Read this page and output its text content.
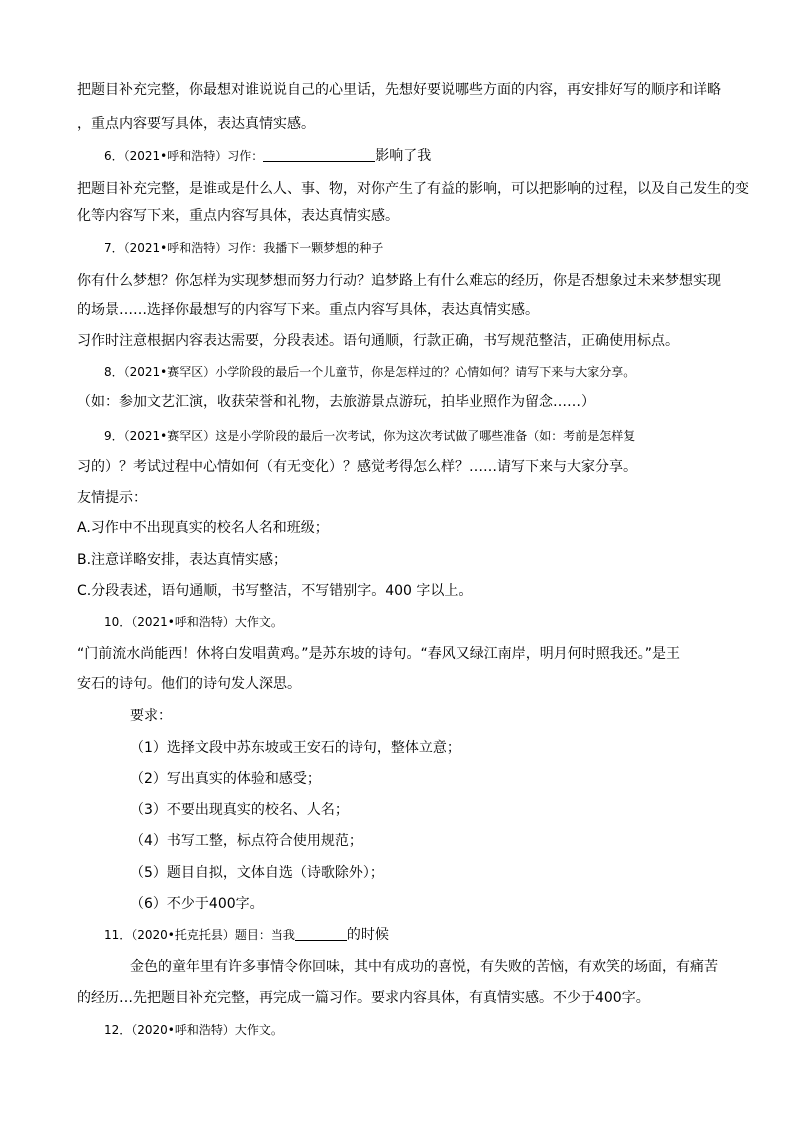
把题目补充完整，你最想对谁说说自己的心里话，先想好要说哪些方面的内容，再安排好写的顺序和详略
，重点内容要写具体，表达真情实感。
6．（2021•呼和浩特）习作：	影响了我
把题目补充完整，是谁或是什么人、事、物，对你产生了有益的影响，可以把影响的过程，以及自己发生的变
化等内容写下来，重点内容写具体，表达真情实感。
7．（2021•呼和浩特）习作：我播下一颗梦想的种子
你有什么梦想？你怎样为实现梦想而努力行动？追梦路上有什么难忘的经历，你是否想象过未来梦想实现
的场景……选择你最想写的内容写下来。重点内容写具体，表达真情实感。
习作时注意根据内容表达需要，分段表述。语句通顺，行款正确，书写规范整洁，正确使用标点。
8．（2021•赛罕区）小学阶段的最后一个儿童节，你是怎样过的？心情如何？请写下来与大家分享。
（如：参加文艺汇演，收获荣誉和礼物，去旅游景点游玩，拍毕业照作为留念……）
9．（2021•赛罕区）这是小学阶段的最后一次考试，你为这次考试做了哪些准备（如：考前是怎样复
习的）？考试过程中心情如何（有无变化）？感觉考得怎么样？……请写下来与大家分享。
友情提示：
A.习作中不出现真实的校名人名和班级；
B.注意详略安排，表达真情实感；
C.分段表述，语句通顺，书写整洁，不写错别字。400 字以上。
10．（2021•呼和浩特）大作文。
“门前流水尚能西！休将白发唱黄鸡。”是苏东坡的诗句。“春风又绿江南岸，明月何时照我还。”是王
安石的诗句。他们的诗句发人深思。
要求：
（1）选择文段中苏东坡或王安石的诗句，整体立意；
（2）写出真实的体验和感受；
（3）不要出现真实的校名、人名；
（4）书写工整，标点符合使用规范；
（5）题目自拟，文体自选（诗歌除外）；
（6）不少于400字。
11．（2020•托克托县）题目：当我	的时候
金色的童年里有许多事情令你回味，其中有成功的喜悦，有失败的苦恼，有欢笑的场面，有痛苦
的经历…先把题目补充完整，再完成一篇习作。要求内容具体，有真情实感。不少于400字。
12．（2020•呼和浩特）大作文。
